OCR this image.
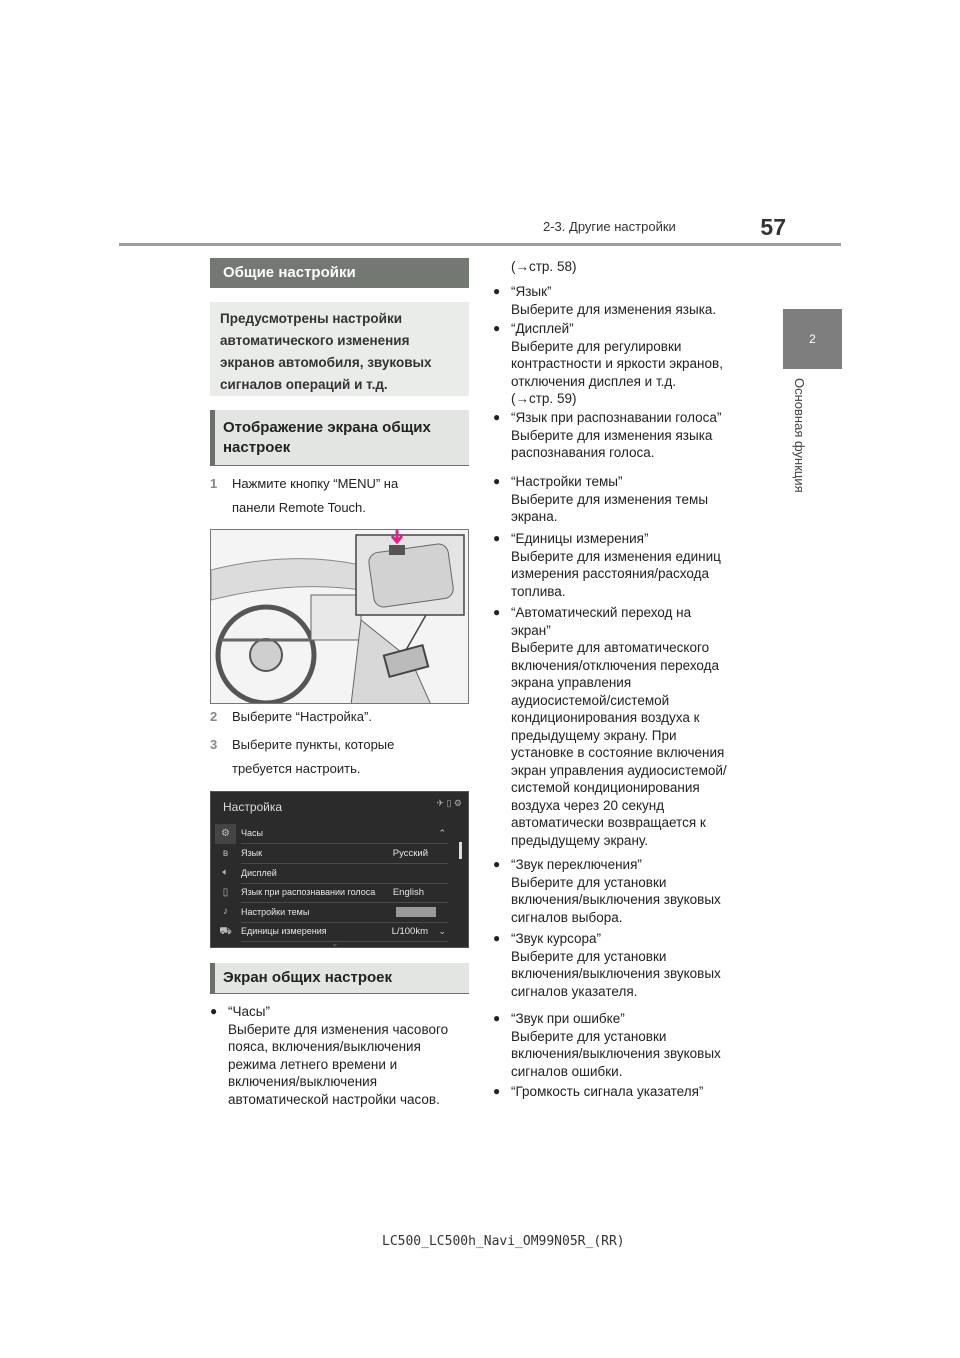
2-3. Другие настройки	57
2
Основная функция
Общие настройки
Предусмотрены настройки
автоматического изменения
экранов автомобиля, звуковых
сигналов операций и т.д.
Отображение экрана общих настроек
1 Нажмите кнопку “MENU” на
панели Remote Touch.
2 Выберите “Настройка”.
3 Выберите пункты, которые
требуется настроить.
Настройка	✈ ▯ ⚙
⚙
ʙ
🔈︎
▯
♪
⛟
Часы	⌃
Язык	Русский
Дисплей
Язык при распознавании голоса English
Настройки темы
Единицы измерения	L/100km ⌄
⌄
Экран общих настроек
● “Часы”
Выберите для изменения часового
пояса, включения/выключения
режима летнего времени и
включения/выключения
автоматической настройки часов.
(→стр. 58)
● “Язык”
Выберите для изменения языка.
● “Дисплей”
Выберите для регулировки
контрастности и яркости экранов,
отключения дисплея и т.д.
(→стр. 59)
● “Язык при распознавании голоса”
Выберите для изменения языка
распознавания голоса.
● “Настройки темы”
Выберите для изменения темы
экрана.
● “Единицы измерения”
Выберите для изменения единиц
измерения расстояния/расхода
топлива.
● “Автоматический переход на
экран”
Выберите для автоматического
включения/отключения перехода
экрана управления
аудиосистемой/системой
кондиционирования воздуха к
предыдущему экрану. При
установке в состояние включения
экран управления аудиосистемой/
системой кондиционирования
воздуха через 20 секунд
автоматически возвращается к
предыдущему экрану.
● “Звук переключения”
Выберите для установки
включения/выключения звуковых
сигналов выбора.
● “Звук курсора”
Выберите для установки
включения/выключения звуковых
сигналов указателя.
● “Звук при ошибке”
Выберите для установки
включения/выключения звуковых
сигналов ошибки.
● “Громкость сигнала указателя”
LC500_LC500h_Navi_OM99N05R_(RR)
